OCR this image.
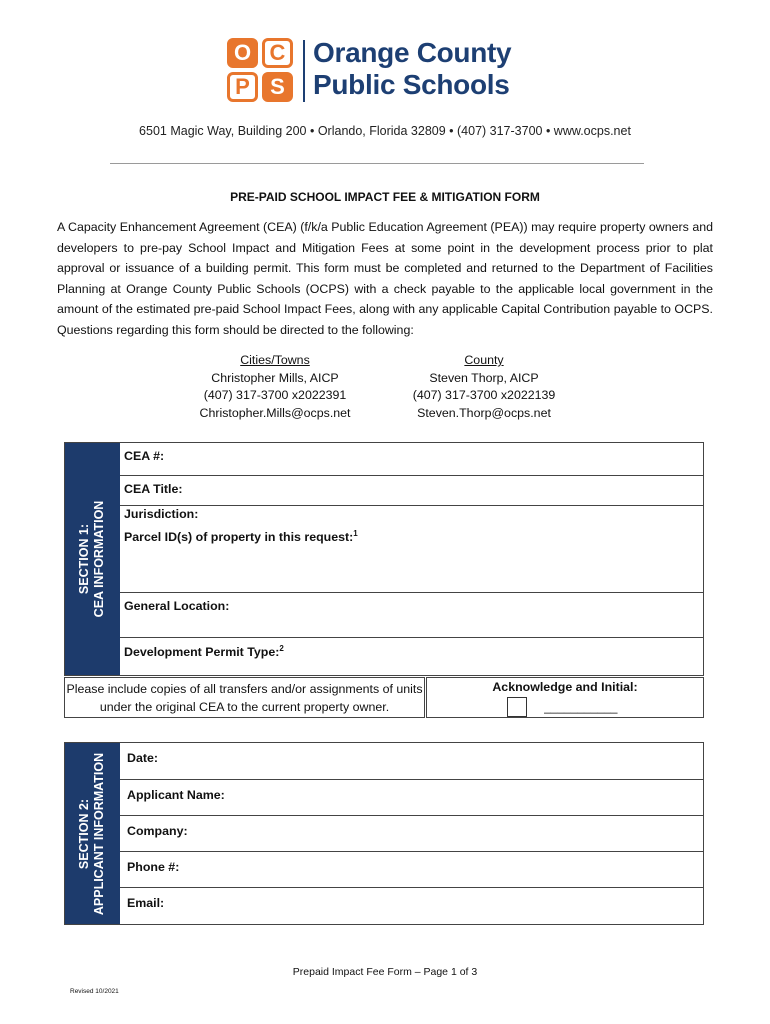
O C
P S
Orange County
Public Schools
6501 Magic Way, Building 200 • Orlando, Florida 32809 • (407) 317-3700 • www.ocps.net
PRE-PAID SCHOOL IMPACT FEE & MITIGATION FORM

A Capacity Enhancement Agreement (CEA) (f/k/a Public Education Agreement (PEA)) may require property owners and developers to pre-pay School Impact and Mitigation Fees at some point in the development process prior to plat approval or issuance of a building permit. This form must be completed and returned to the Department of Facilities Planning at Orange County Public Schools (OCPS) with a check payable to the applicable local government in the amount of the estimated pre-paid School Impact Fees, along with any applicable Capital Contribution payable to OCPS. Questions regarding this form should be directed to the following:

Cities/Towns
Christopher Mills, AICP
(407) 317-3700 x2022391
Christopher.Mills@ocps.net
County
Steven Thorp, AICP
(407) 317-3700 x2022139
Steven.Thorp@ocps.net
SECTION 1: CEA INFORMATION
CEA #:
CEA Title:
Jurisdiction:
Parcel ID(s) of property in this request:$^1$
General Location:
Development Permit Type:$^2$
Please include copies of all transfers and/or assignments of units under the original CEA to the current property owner.
Acknowledge and Initial:
___________
SECTION 2: APPLICANT INFORMATION Date:
Applicant Name:
Company:
Phone #:
Email:
Prepaid Impact Fee Form – Page 1 of 3
Revised 10/2021
